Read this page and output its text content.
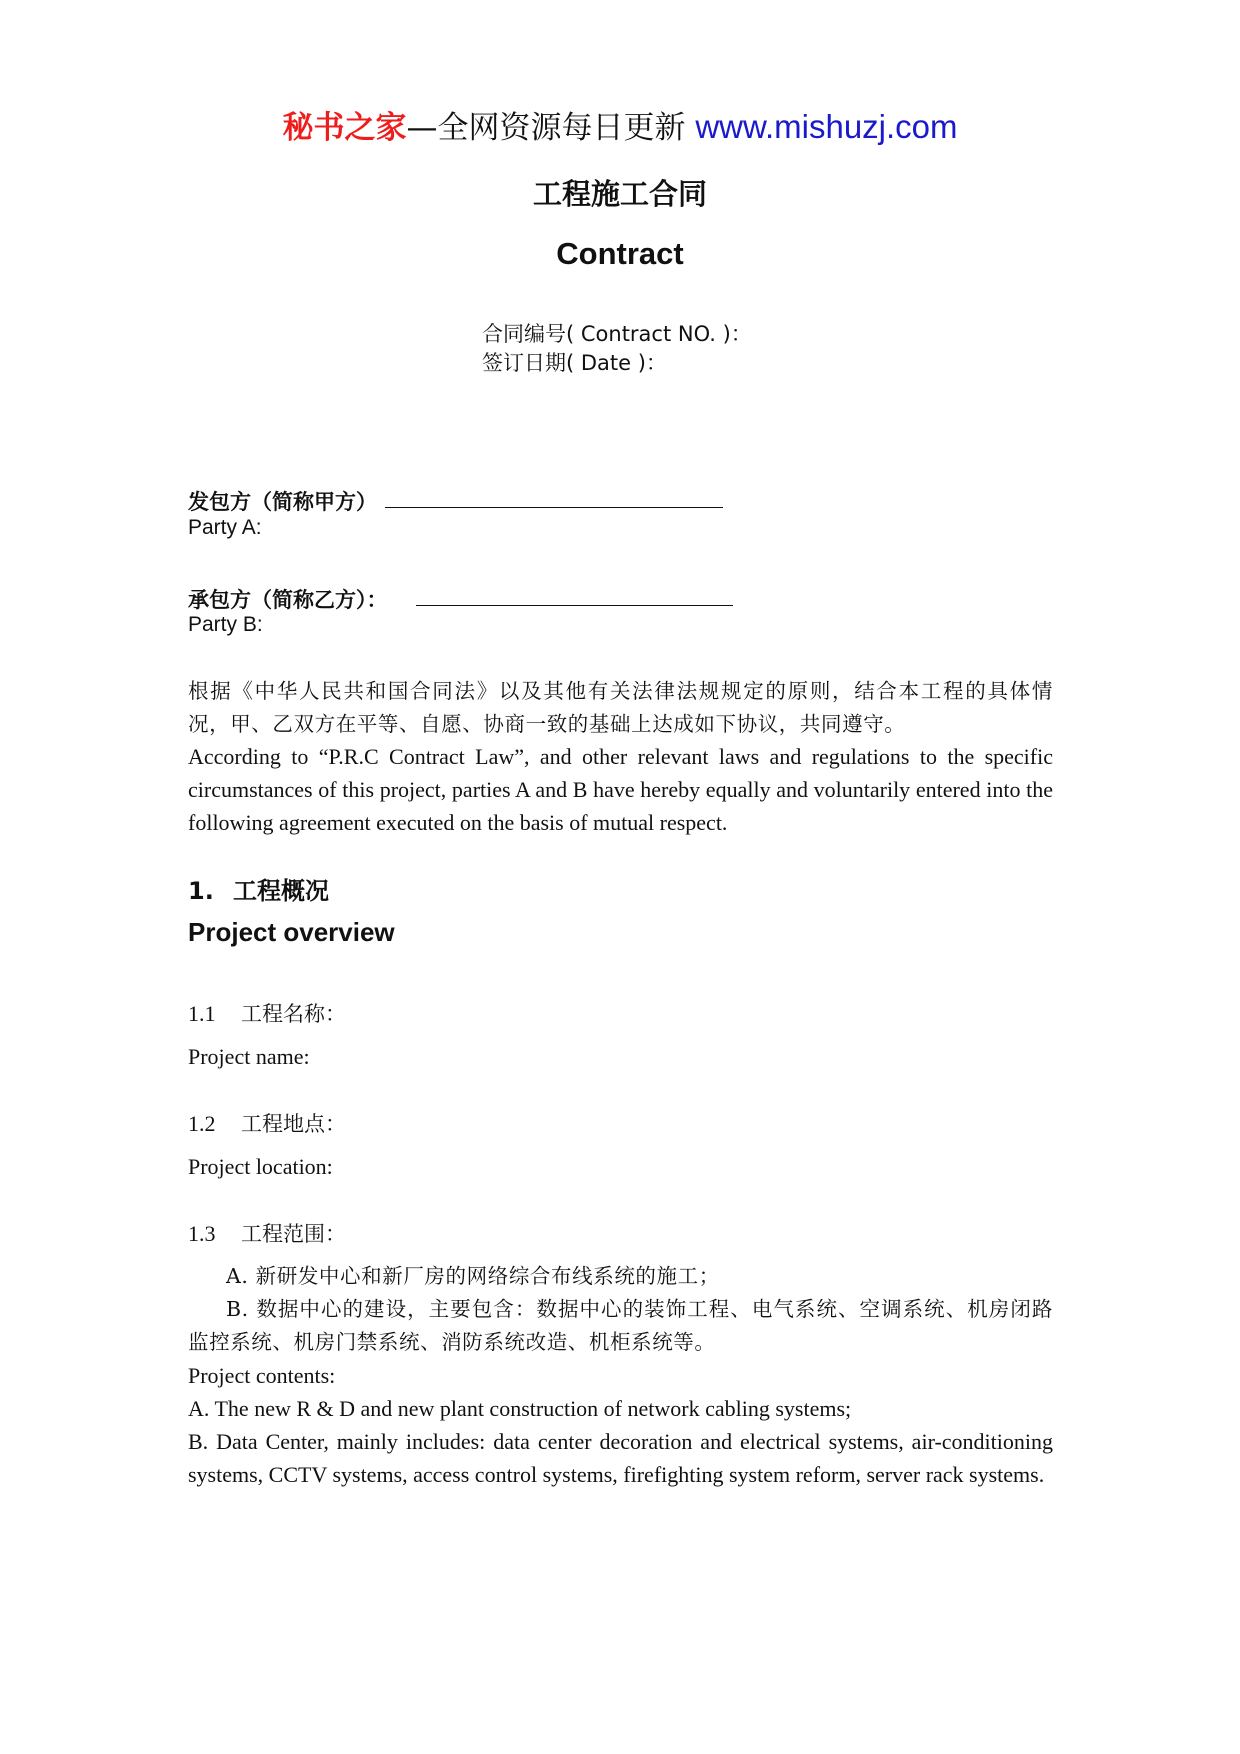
秘书之家—全网资源每日更新 www.mishuzj.com
工程施工合同
Contract
合同编号( Contract NO. )：
签订日期( Date )：
发包方（简称甲方）
Party A:
承包方（简称乙方）：
Party B:
根据《中华人民共和国合同法》以及其他有关法律法规规定的原则，结合本工程的具体情况，甲、乙双方在平等、自愿、协商一致的基础上达成如下协议，共同遵守。
According to “P.R.C Contract Law”, and other relevant laws and regulations to the specific circumstances of this project, parties A and B have hereby equally and voluntarily entered into the following agreement executed on the basis of mutual respect.
1. 工程概况
Project overview
1.1 工程名称：
Project name:
1.2 工程地点：
Project location:
1.3 工程范围：
A. 新研发中心和新厂房的网络综合布线系统的施工；
B. 数据中心的建设，主要包含：数据中心的装饰工程、电气系统、空调系统、机房闭路监控系统、机房门禁系统、消防系统改造、机柜系统等。
Project contents:
A. The new R & D and new plant construction of network cabling systems;
B. Data Center, mainly includes: data center decoration and electrical systems, air-conditioning systems, CCTV systems, access control systems, firefighting system reform, server rack systems.
